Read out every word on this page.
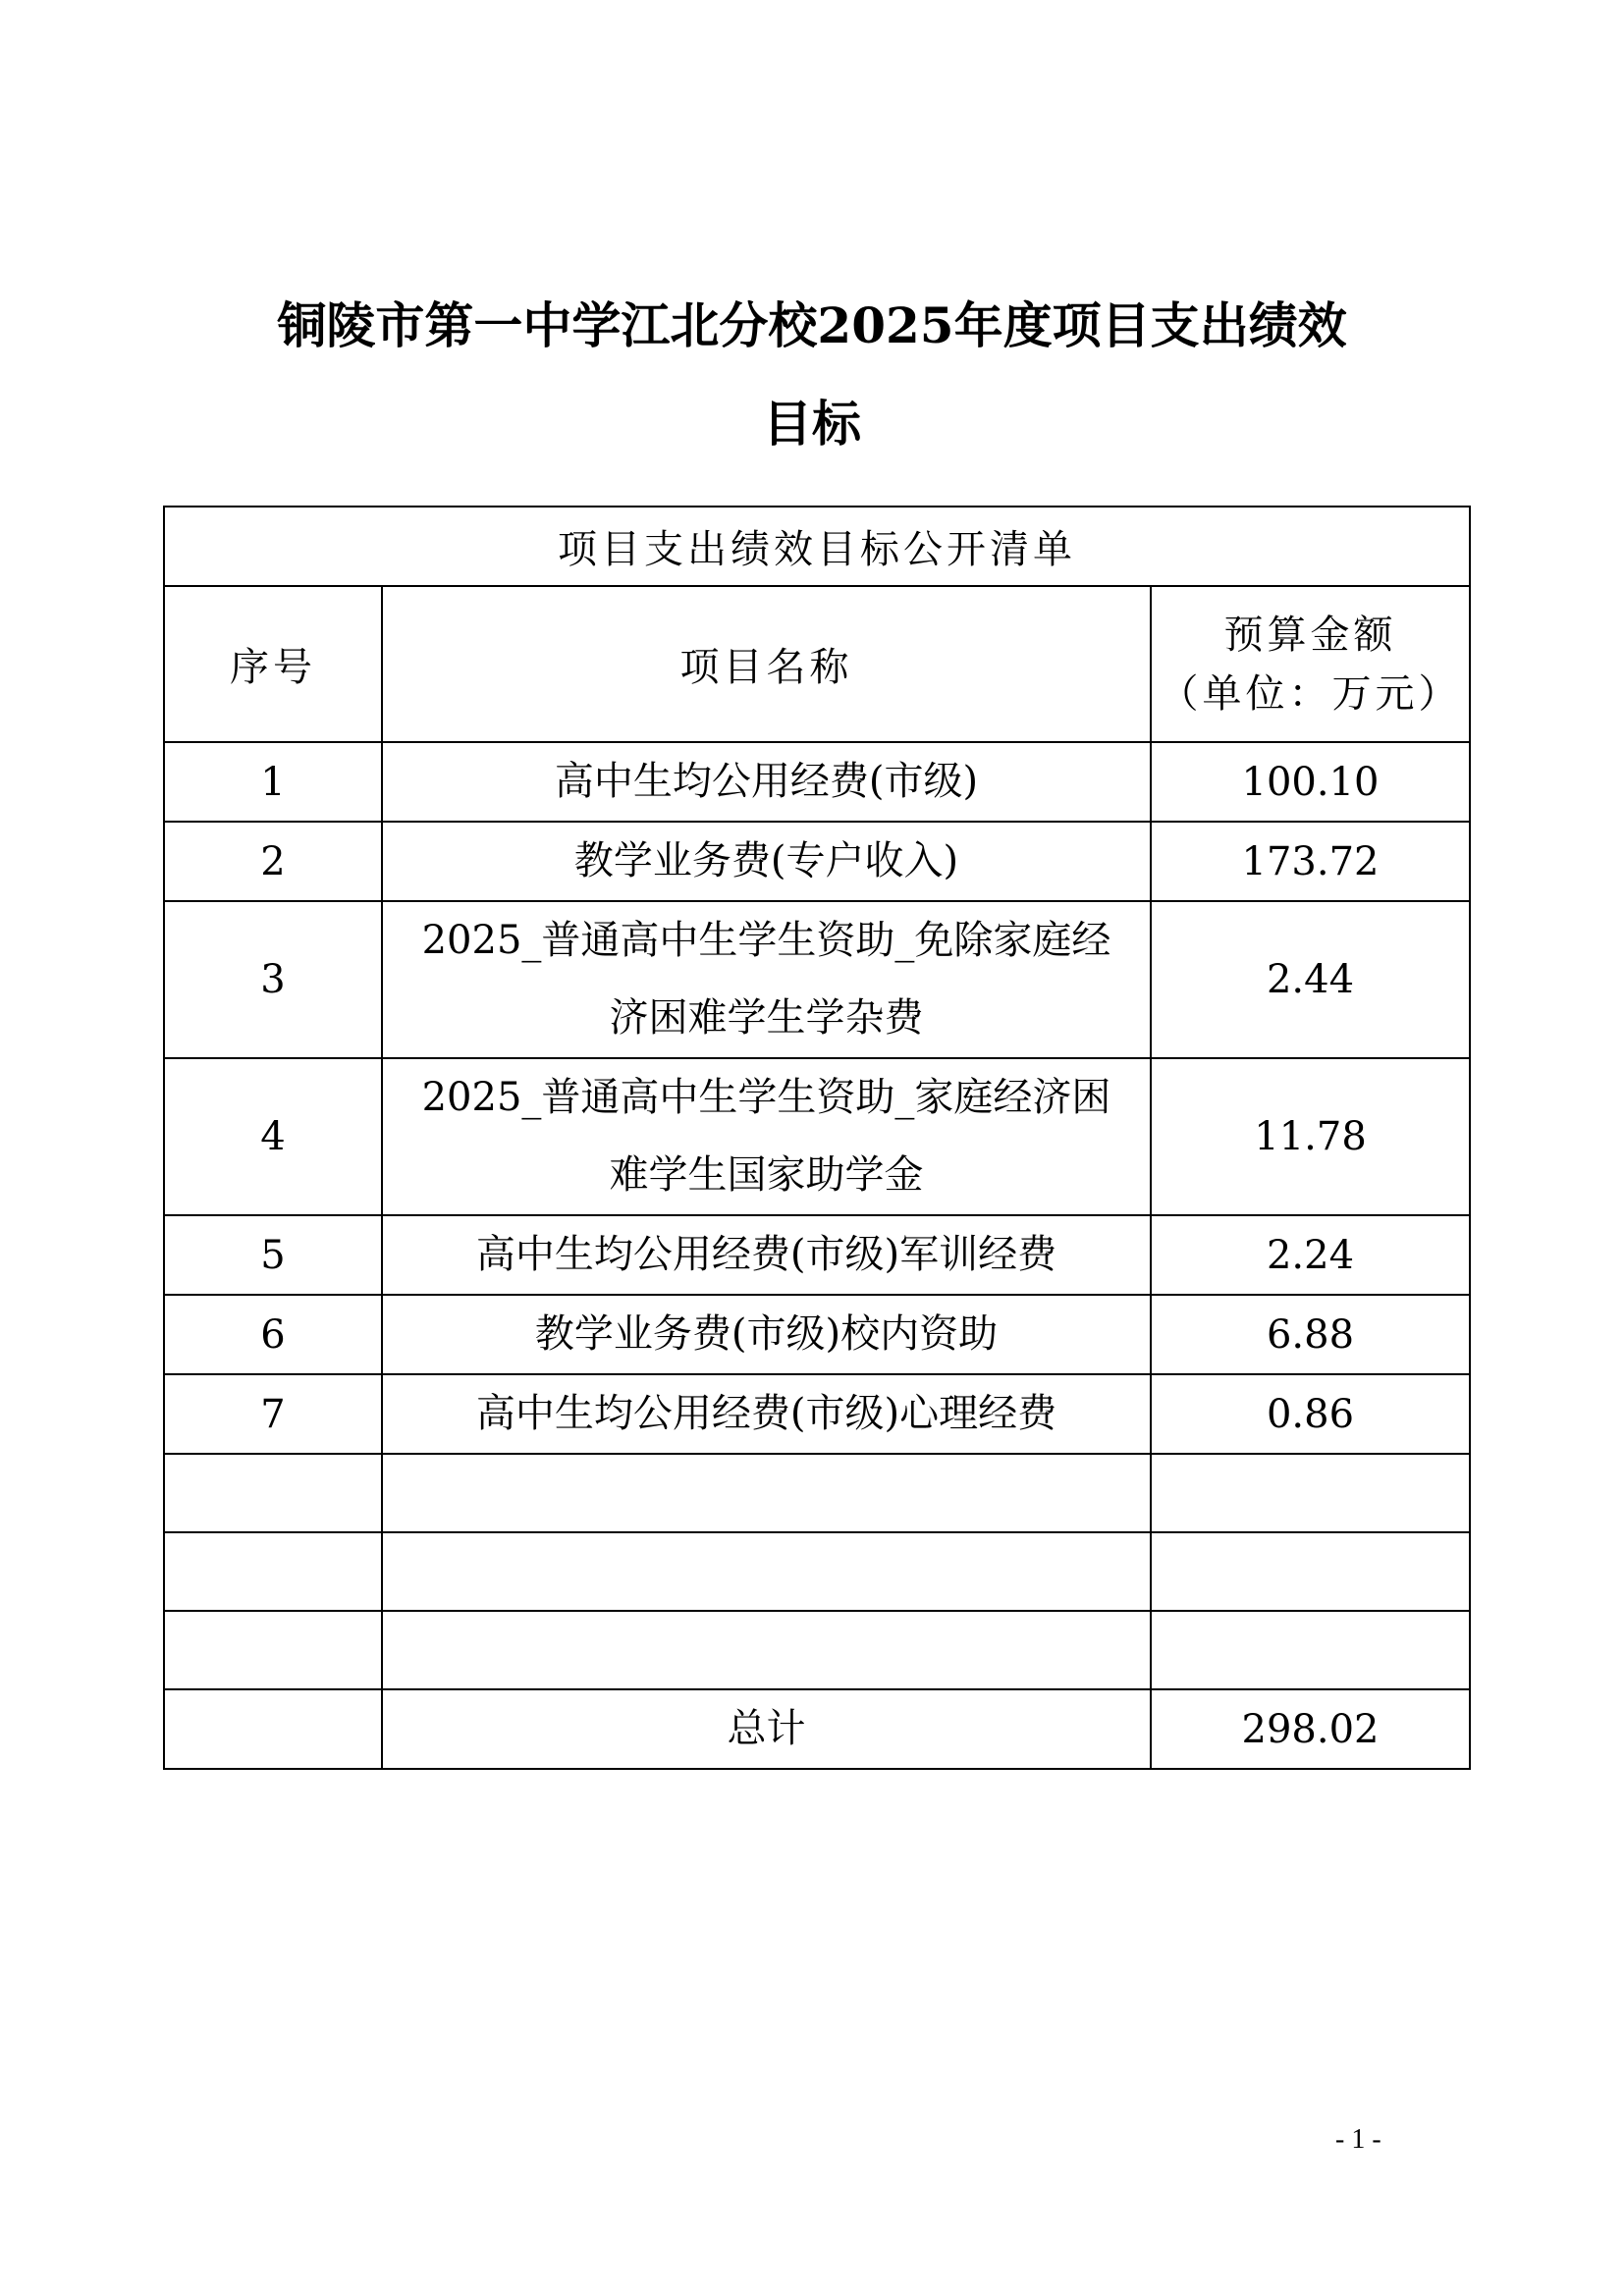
铜陵市第一中学江北分校2025年度项目支出绩效
目标
项目支出绩效目标公开清单		
序号	项目名称	预算金额
（单位：万元）

1	高中生均公用经费(市级)	100.10
2	教学业务费(专户收入)	173.72
3	2025_普通高中生学生资助_免除家庭经济困难学生学杂费	2.44
4	2025_普通高中生学生资助_家庭经济困难学生国家助学金	11.78
5	高中生均公用经费(市级)军训经费	2.24
6	教学业务费(市级)校内资助	6.88
7	高中生均公用经费(市级)心理经费	0.86

	总计	298.02
- 1 -
